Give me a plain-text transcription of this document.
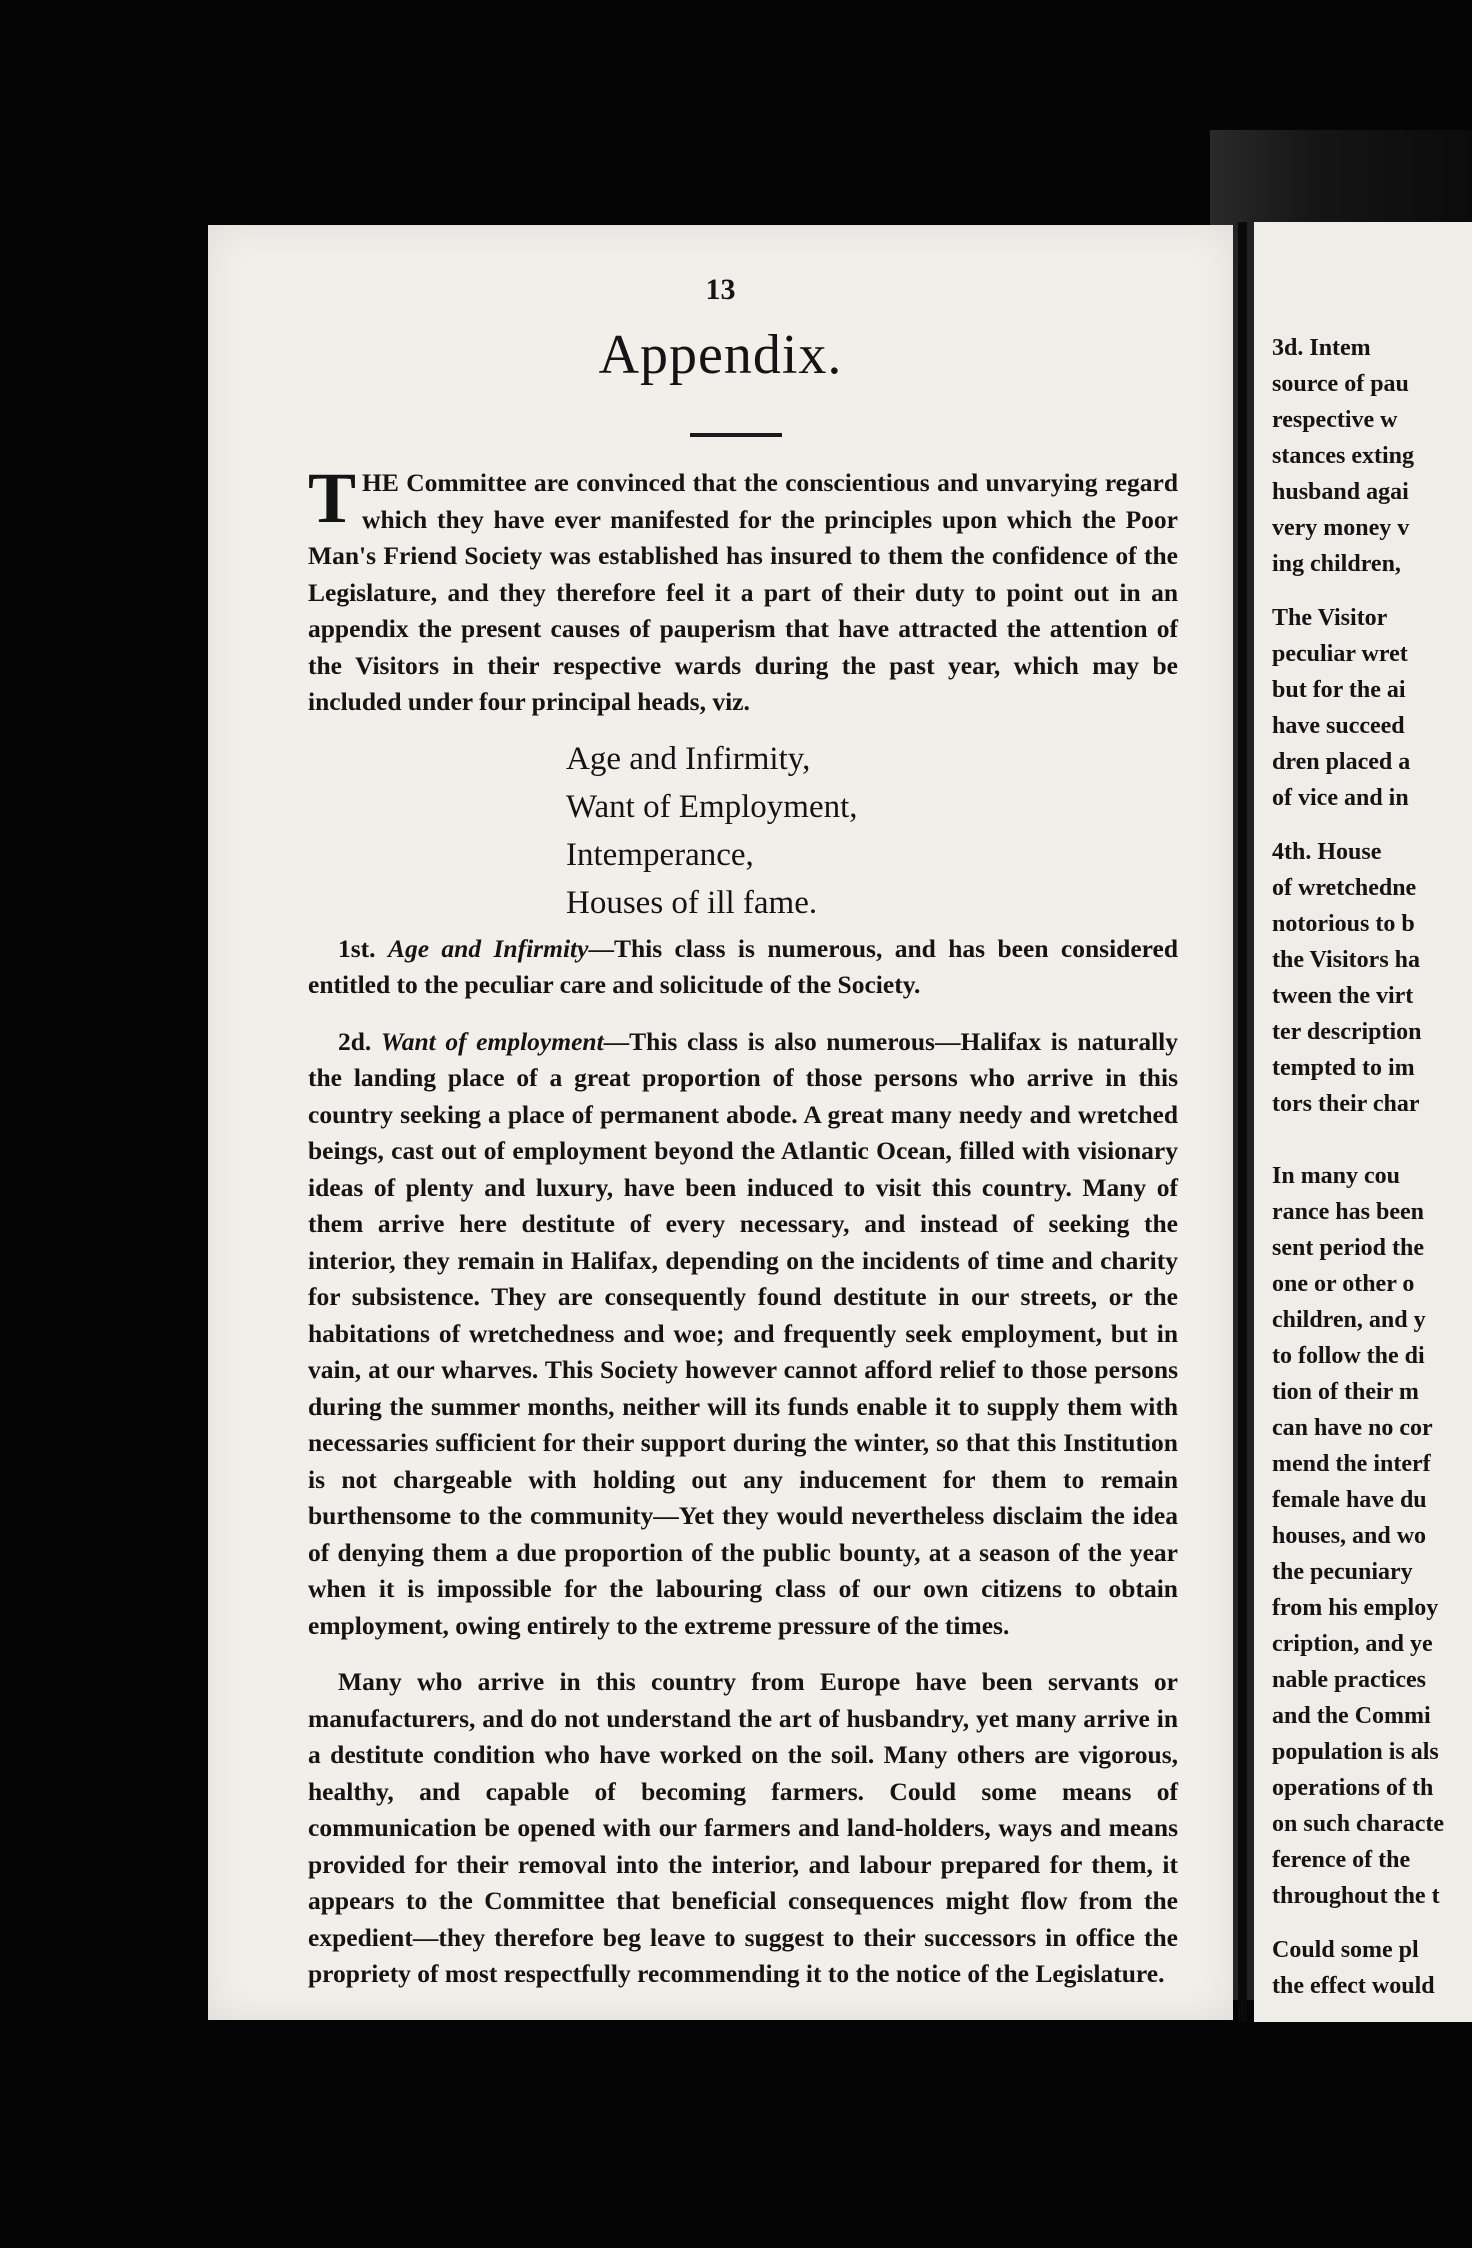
13
Appendix.

THE Committee are convinced that the conscientious and unvarying regard which they have ever manifested for the principles upon which the Poor Man's Friend Society was established has insured to them the confidence of the Legislature, and they therefore feel it a part of their duty to point out in an appendix the present causes of pauperism that have attracted the attention of the Visitors in their respective wards during the past year, which may be included under four principal heads, viz.

Age and Infirmity,
Want of Employment,
Intemperance,
Houses of ill fame.

1st. Age and Infirmity—This class is numerous, and has been considered entitled to the peculiar care and solicitude of the Society.

2d. Want of employment—This class is also numerous—Halifax is naturally the landing place of a great proportion of those persons who arrive in this country seeking a place of permanent abode. A great many needy and wretched beings, cast out of employment beyond the Atlantic Ocean, filled with visionary ideas of plenty and luxury, have been induced to visit this country. Many of them arrive here destitute of every necessary, and instead of seeking the interior, they remain in Halifax, depending on the incidents of time and charity for subsistence. They are consequently found destitute in our streets, or the habitations of wretchedness and woe; and frequently seek employment, but in vain, at our wharves. This Society however cannot afford relief to those persons during the summer months, neither will its funds enable it to supply them with necessaries sufficient for their support during the winter, so that this Institution is not chargeable with holding out any inducement for them to remain burthensome to the community—Yet they would nevertheless disclaim the idea of denying them a due proportion of the public bounty, at a season of the year when it is impossible for the labouring class of our own citizens to obtain employment, owing entirely to the extreme pressure of the times.

Many who arrive in this country from Europe have been servants or manufacturers, and do not understand the art of husbandry, yet many arrive in a destitute condition who have worked on the soil. Many others are vigorous, healthy, and capable of becoming farmers. Could some means of communication be opened with our farmers and land-holders, ways and means provided for their removal into the interior, and labour prepared for them, it appears to the Committee that beneficial consequences might flow from the expedient—they therefore beg leave to suggest to their successors in office the propriety of most respectfully recommending it to the notice of the Legislature.

3d. Intem
source of pau
respective w
stances exting
husband agai
very money v
ing children,
The Visitor
peculiar wret
but for the ai
have succeed
dren placed a
of vice and in
4th. House
of wretchedne
notorious to b
the Visitors ha
tween the virt
ter description
tempted to im
tors their char
In many cou
rance has been
sent period the
one or other o
children, and y
to follow the di
tion of their m
can have no cor
mend the interf
female have du
houses, and wo
the pecuniary
from his employ
cription, and ye
nable practices
and the Commi
population is als
operations of th
on such characte
ference of the
throughout the t
Could some pl
the effect would
